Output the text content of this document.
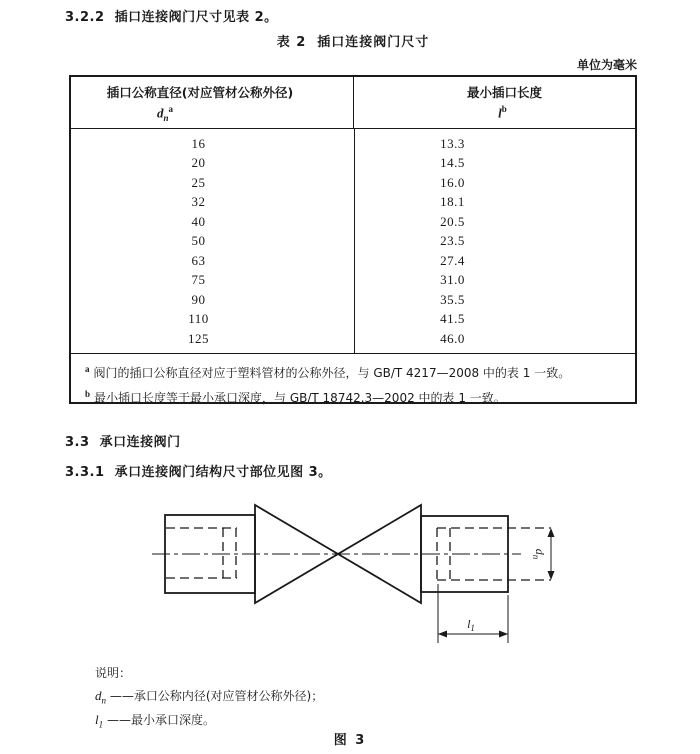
3.2.2  插口连接阀门尺寸见表 2。
表 2  插口连接阀门尺寸
单位为毫米
插口公称直径(对应管材公称外径)
$d_n^a$
最小插口长度
$l^b$
16	13.3
20	14.5
25	16.0
32	18.1
40	20.5
50	23.5
63	27.4
75	31.0
90	35.5
110	41.5
125	46.0
$^a$ 阀门的插口公称直径对应于塑料管材的公称外径，与 GB/T 4217—2008 中的表 1 一致。
$^b$ 最小插口长度等于最小承口深度，与 GB/T 18742.3—2002 中的表 1 一致。
3.3  承口连接阀门
3.3.1  承口连接阀门结构尺寸部位见图 3。
$d_n$
$l_1$
说明：
$d_n$ ——承口公称内径(对应管材公称外径)；
$l_1$ ——最小承口深度。
图 3
